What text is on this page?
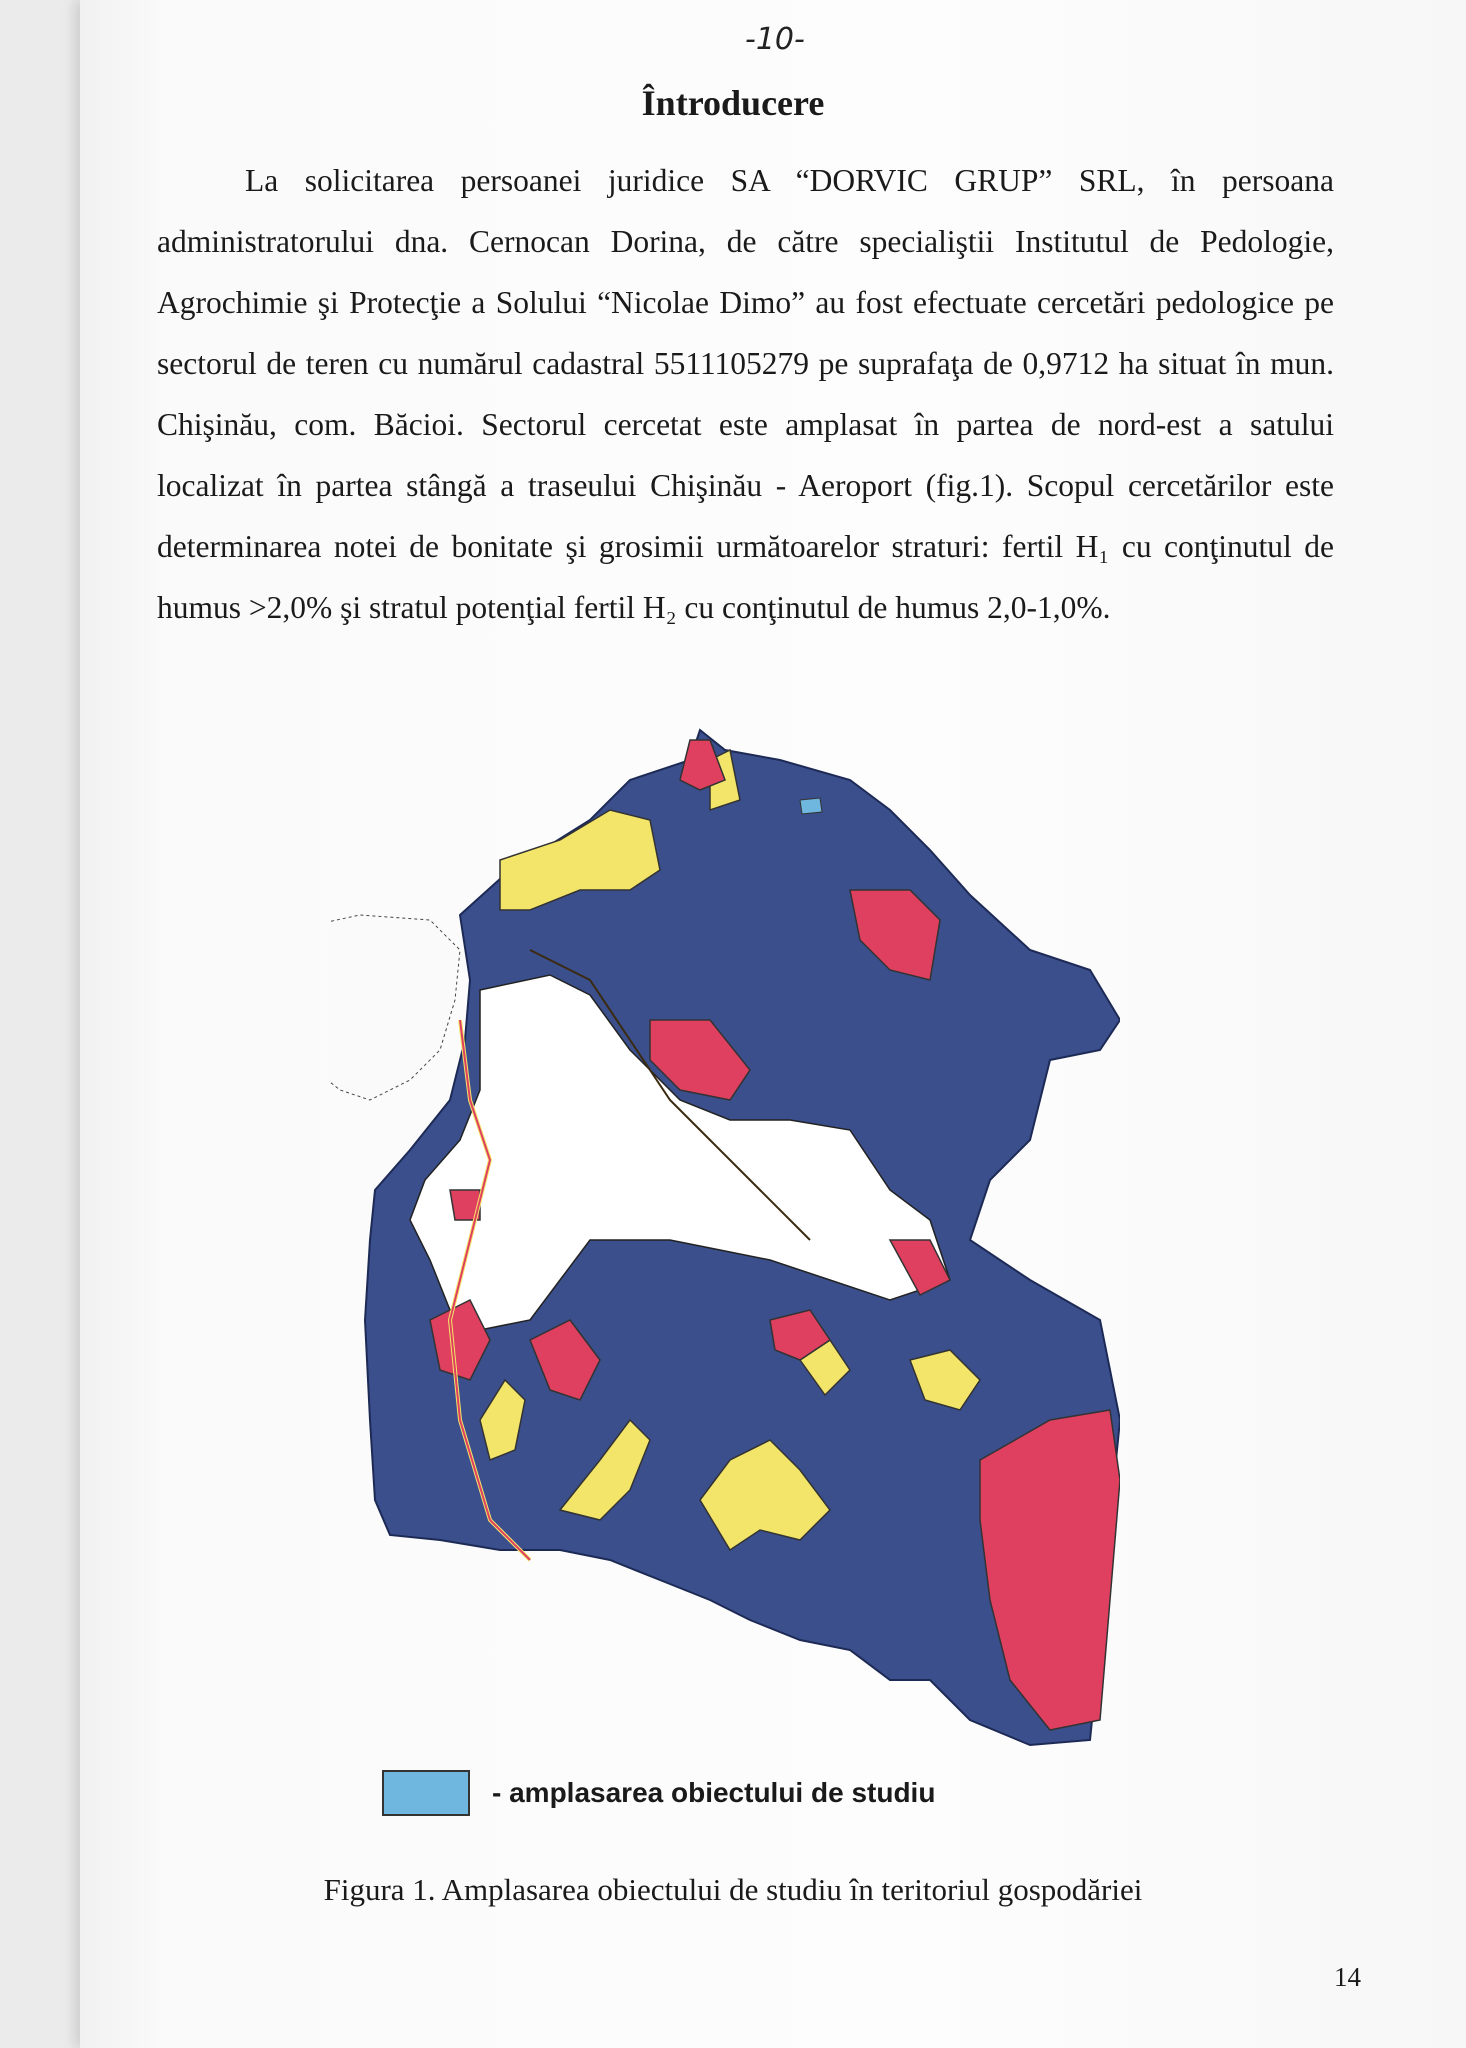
-10-
Întroducere
La solicitarea persoanei juridice SA “DORVIC GRUP” SRL, în persoana administratorului dna. Cernocan Dorina, de către specialiştii Institutul de Pedologie, Agrochimie şi Protecţie a Solului “Nicolae Dimo” au fost efectuate cercetări pedologice pe sectorul de teren cu numărul cadastral 5511105279 pe suprafaţa de 0,9712 ha situat în mun. Chişinău, com. Băcioi. Sectorul cercetat este amplasat în partea de nord-est a satului localizat în partea stângă a traseului Chişinău - Aeroport (fig.1). Scopul cercetărilor este determinarea notei de bonitate şi grosimii următoarelor straturi: fertil H₁ cu conţinutul de humus >2,0% şi stratul potenţial fertil H₂ cu conţinutul de humus 2,0-1,0%.
- amplasarea obiectului de studiu
Figura 1. Amplasarea obiectului de studiu în teritoriul gospodăriei
14
